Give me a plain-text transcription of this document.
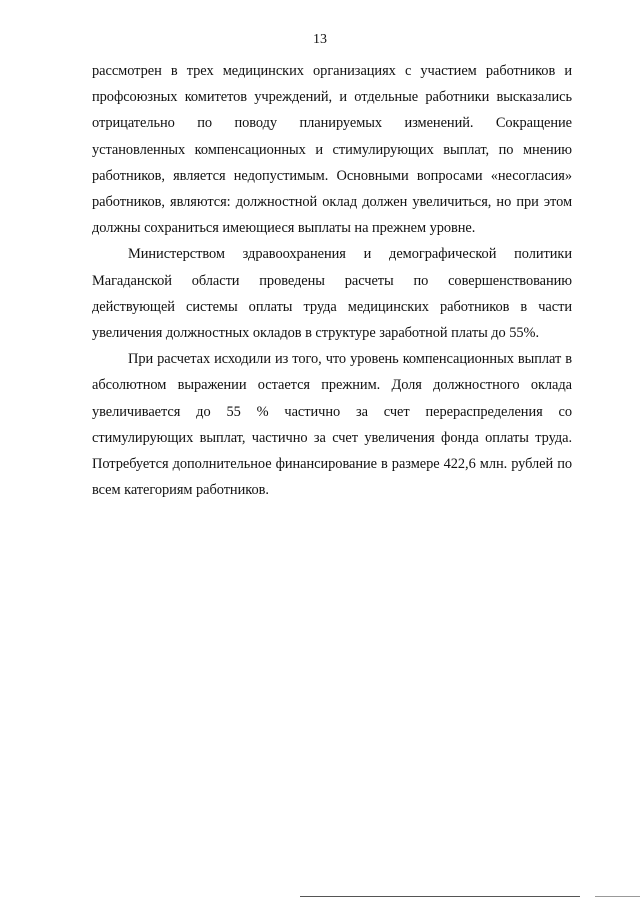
13

рассмотрен в трех медицинских организациях с участием работников и профсоюзных комитетов учреждений, и отдельные работники высказались отрицательно по поводу планируемых изменений. Сокращение установленных компенсационных и стимулирующих выплат, по мнению работников, является недопустимым. Основными вопросами «несогласия» работников, являются: должностной оклад должен увеличиться, но при этом должны сохраниться имеющиеся выплаты на прежнем уровне.

Министерством здравоохранения и демографической политики Магаданской области проведены расчеты по совершенствованию действующей системы оплаты труда медицинских работников в части увеличения должностных окладов в структуре заработной платы до 55%.

При расчетах исходили из того, что уровень компенсационных выплат в абсолютном выражении остается прежним. Доля должностного оклада увеличивается до 55 % частично за счет перераспределения со стимулирующих выплат, частично за счет увеличения фонда оплаты труда. Потребуется дополнительное финансирование в размере 422,6 млн. рублей по всем категориям работников.
